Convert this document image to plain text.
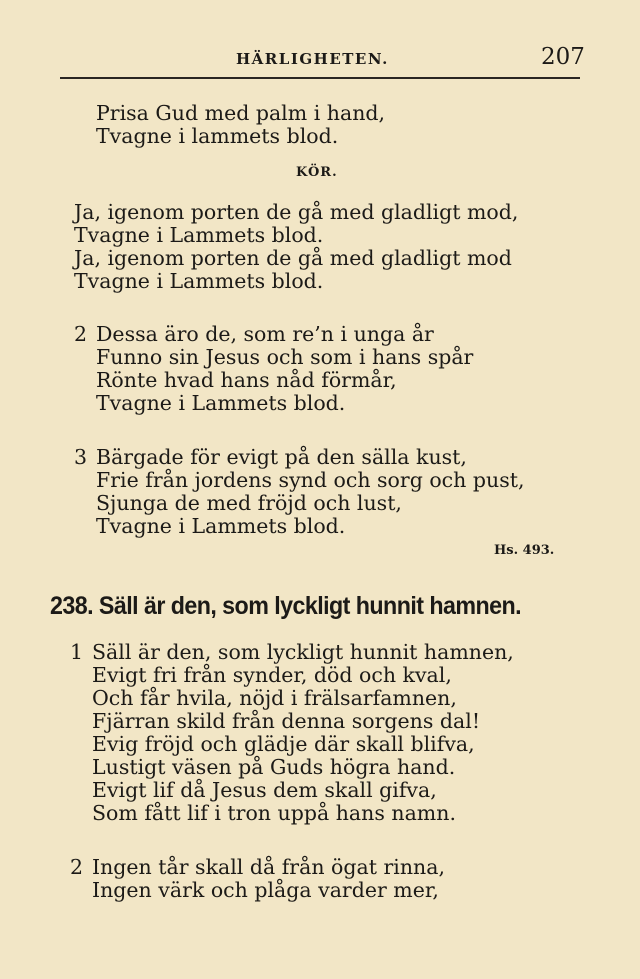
HÄRLIGHETEN.	207
Prisa Gud med palm i hand,
Tvagne i lammets blod.
KÖR.
Ja, igenom porten de gå med gladligt mod,
Tvagne i Lammets blod.
Ja, igenom porten de gå med gladligt mod
Tvagne i Lammets blod.
2 Dessa äro de, som re’n i unga år
Funno sin Jesus och som i hans spår
Rönte hvad hans nåd förmår,
Tvagne i Lammets blod.
3 Bärgade för evigt på den sälla kust,
Frie från jordens synd och sorg och pust,
Sjunga de med fröjd och lust,
Tvagne i Lammets blod.
Hs. 493.
238. Säll är den, som lyckligt hunnit hamnen.
1 Säll är den, som lyckligt hunnit hamnen,
Evigt fri från synder, död och kval,
Och får hvila, nöjd i frälsarfamnen,
Fjärran skild från denna sorgens dal!
Evig fröjd och glädje där skall blifva,
Lustigt väsen på Guds högra hand.
Evigt lif då Jesus dem skall gifva,
Som fått lif i tron uppå hans namn.
2 Ingen tår skall då från ögat rinna,
Ingen värk och plåga varder mer,
